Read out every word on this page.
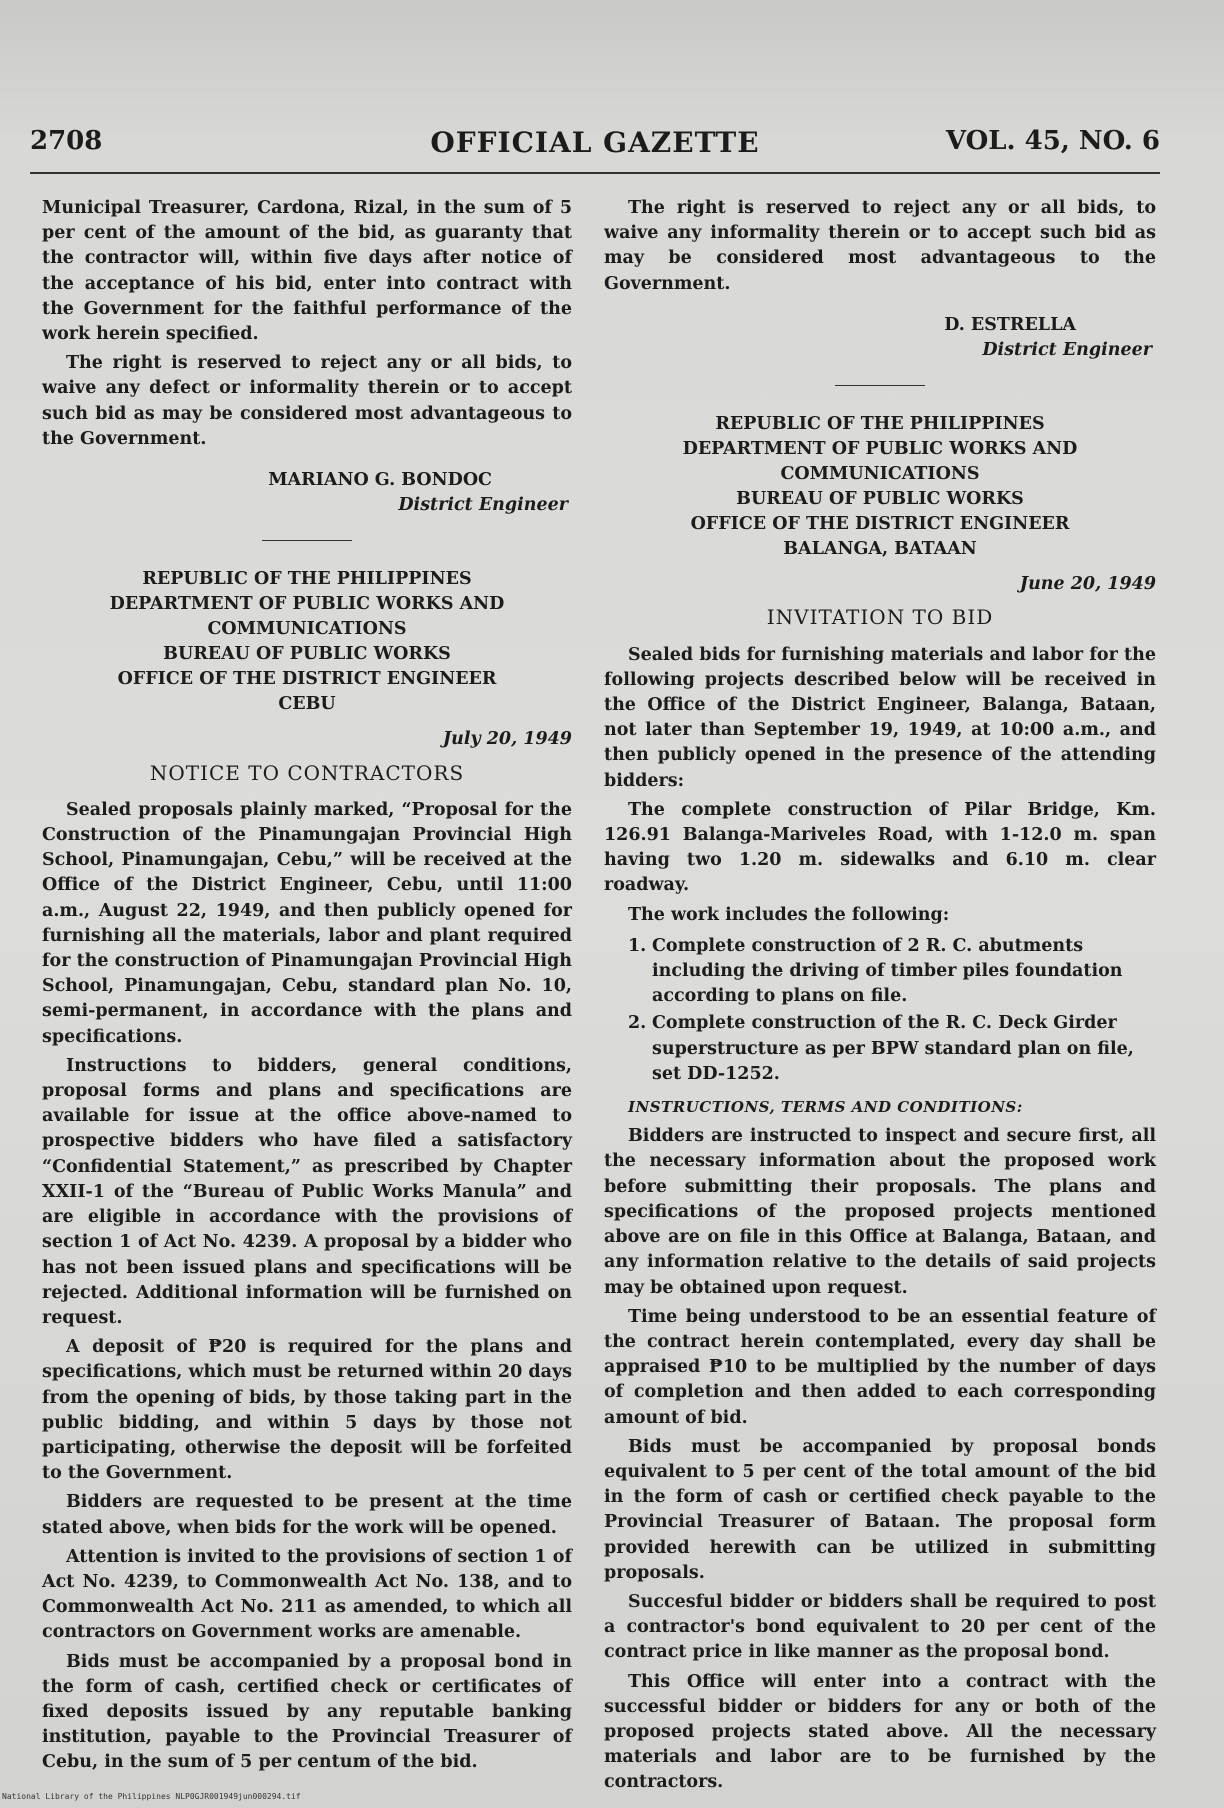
2708	OFFICIAL GAZETTE	VOL. 45, NO. 6

Municipal Treasurer, Cardona, Rizal, in the sum of 5 per cent of the amount of the bid, as guaranty that the contractor will, within five days after notice of the acceptance of his bid, enter into contract with the Government for the faithful performance of the work herein specified.

The right is reserved to reject any or all bids, to waive any defect or informality therein or to accept such bid as may be considered most advantageous to the Government.

MARIANO G. BONDOC
District Engineer
REPUBLIC OF THE PHILIPPINES
DEPARTMENT OF PUBLIC WORKS AND COMMUNICATIONS
BUREAU OF PUBLIC WORKS
OFFICE OF THE DISTRICT ENGINEER
CEBU
July 20, 1949
NOTICE TO CONTRACTORS

Sealed proposals plainly marked, “Proposal for the Construction of the Pinamungajan Provincial High School, Pinamungajan, Cebu,” will be received at the Office of the District Engineer, Cebu, until 11:00 a.m., August 22, 1949, and then publicly opened for furnishing all the materials, labor and plant required for the construction of Pinamungajan Provincial High School, Pinamungajan, Cebu, standard plan No. 10, semi-permanent, in accordance with the plans and specifications.

Instructions to bidders, general conditions, proposal forms and plans and specifications are available for issue at the office above-named to prospective bidders who have filed a satisfactory “Confidential Statement,” as prescribed by Chapter XXII-1 of the “Bureau of Public Works Manula” and are eligible in accordance with the provisions of section 1 of Act No. 4239. A proposal by a bidder who has not been issued plans and specifications will be rejected. Additional information will be furnished on request.

A deposit of ₱20 is required for the plans and specifications, which must be returned within 20 days from the opening of bids, by those taking part in the public bidding, and within 5 days by those not participating, otherwise the deposit will be forfeited to the Government.

Bidders are requested to be present at the time stated above, when bids for the work will be opened.

Attention is invited to the provisions of section 1 of Act No. 4239, to Commonwealth Act No. 138, and to Commonwealth Act No. 211 as amended, to which all contractors on Government works are amenable.

Bids must be accompanied by a proposal bond in the form of cash, certified check or certificates of fixed deposits issued by any reputable banking institution, payable to the Provincial Treasurer of Cebu, in the sum of 5 per centum of the bid.

The right is reserved to reject any or all bids, to waive any informality therein or to accept such bid as may be considered most advantageous to the Government.

D. ESTRELLA
District Engineer
REPUBLIC OF THE PHILIPPINES
DEPARTMENT OF PUBLIC WORKS AND COMMUNICATIONS
BUREAU OF PUBLIC WORKS
OFFICE OF THE DISTRICT ENGINEER
BALANGA, BATAAN
June 20, 1949
INVITATION TO BID

Sealed bids for furnishing materials and labor for the following projects described below will be received in the Office of the District Engineer, Balanga, Bataan, not later than September 19, 1949, at 10:00 a.m., and then publicly opened in the presence of the attending bidders:

The complete construction of Pilar Bridge, Km. 126.91 Balanga-Mariveles Road, with 1-12.0 m. span having two 1.20 m. sidewalks and 6.10 m. clear roadway.

The work includes the following:

1. Complete construction of 2 R. C. abutments including the driving of timber piles foundation according to plans on file.
2. Complete construction of the R. C. Deck Girder superstructure as per BPW standard plan on file, set DD-1252.

INSTRUCTIONS, TERMS AND CONDITIONS:

Bidders are instructed to inspect and secure first, all the necessary information about the proposed work before submitting their proposals. The plans and specifications of the proposed projects mentioned above are on file in this Office at Balanga, Bataan, and any information relative to the details of said projects may be obtained upon request.

Time being understood to be an essential feature of the contract herein contemplated, every day shall be appraised ₱10 to be multiplied by the number of days of completion and then added to each corresponding amount of bid.

Bids must be accompanied by proposal bonds equivalent to 5 per cent of the total amount of the bid in the form of cash or certified check payable to the Provincial Treasurer of Bataan. The proposal form provided herewith can be utilized in submitting proposals.

Succesful bidder or bidders shall be required to post a contractor's bond equivalent to 20 per cent of the contract price in like manner as the proposal bond.

This Office will enter into a contract with the successful bidder or bidders for any or both of the proposed projects stated above. All the necessary materials and labor are to be furnished by the contractors.

National Library of the Philippines NLP0GJR001949jun000294.tif
